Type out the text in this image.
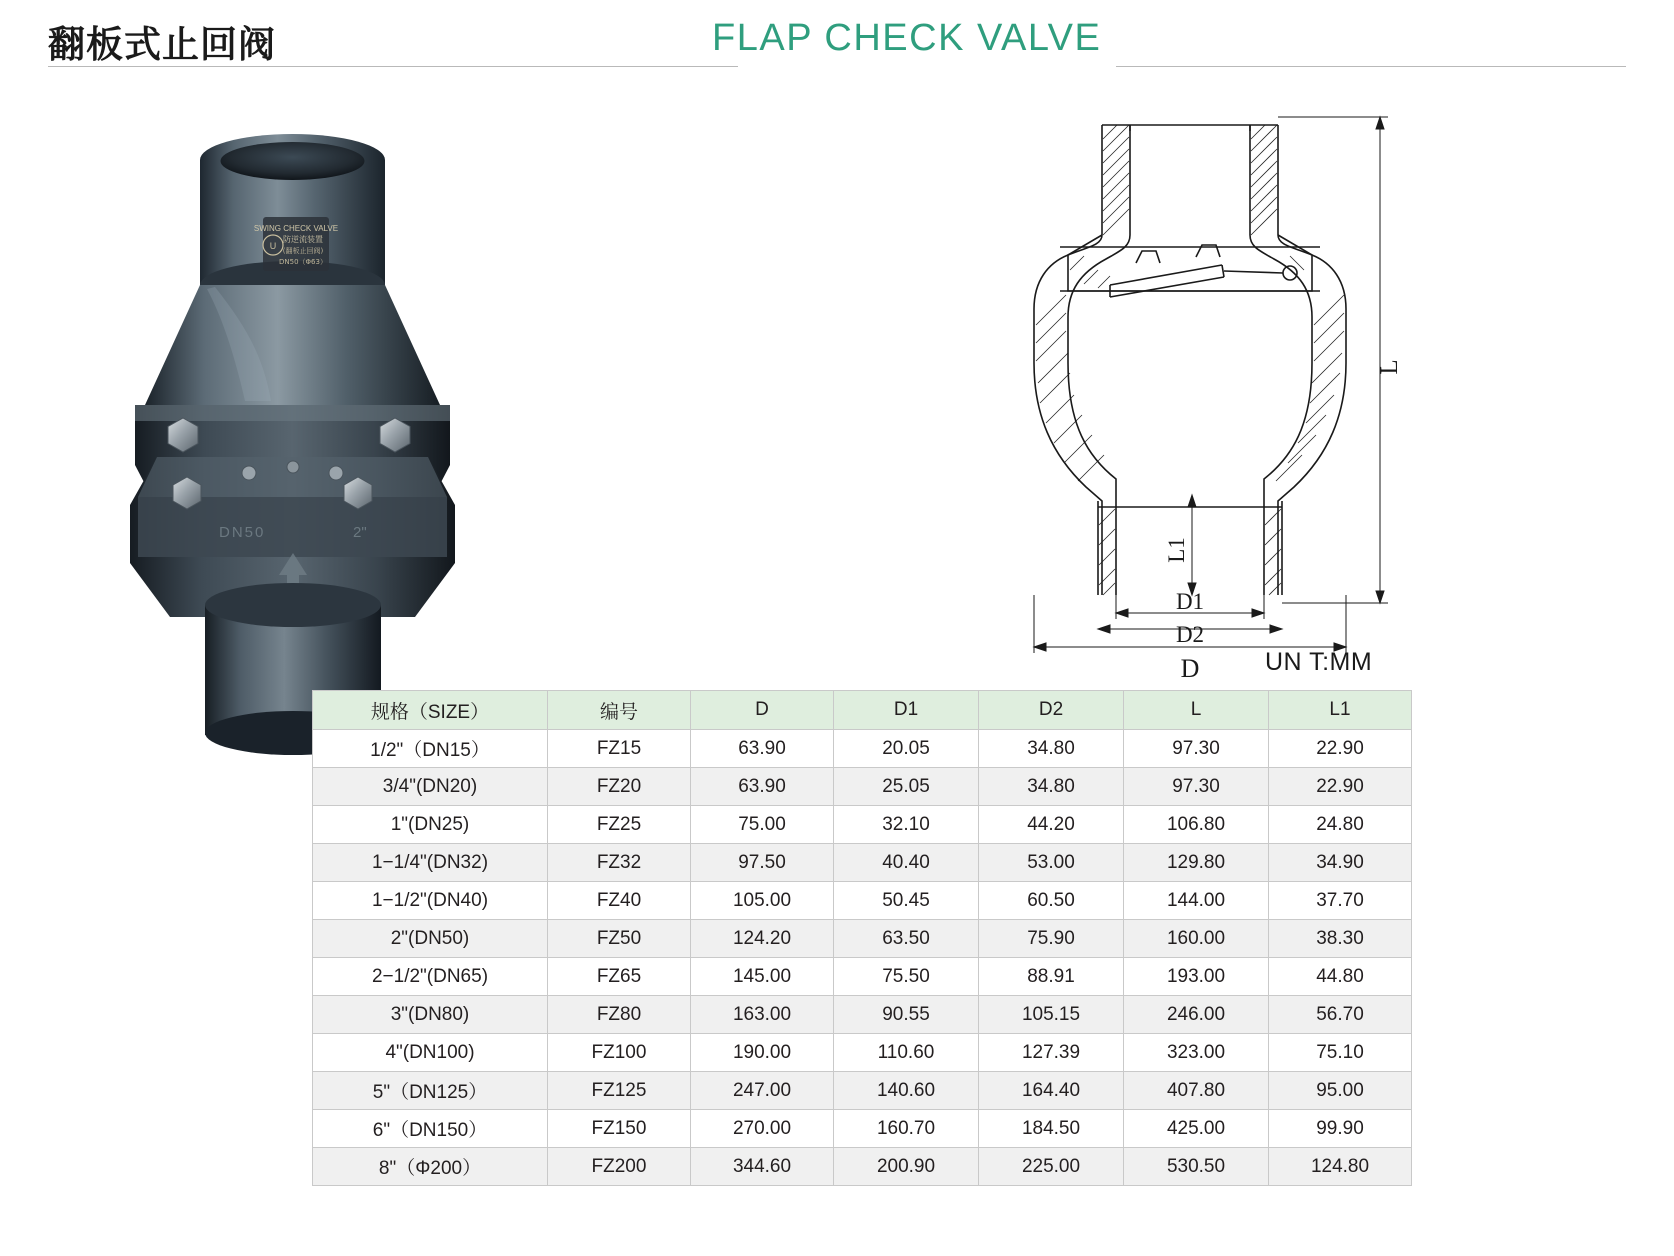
翻板式止回阀	FLAP CHECK VALVE
SWING CHECK VALVE
防逆流装置
(翻板止回阀)
DN50（Φ63）
U
DN50	2"
L
L1
D1
D2
D	UN T:MM
规格（SIZE）	编号	D	D1	D2	L	L1
1/2"（DN15）	FZ15	63.90	20.05	34.80	97.30	22.90
3/4"(DN20)	FZ20	63.90	25.05	34.80	97.30	22.90
1"(DN25)	FZ25	75.00	32.10	44.20	106.80	24.80
1−1/4"(DN32)	FZ32	97.50	40.40	53.00	129.80	34.90
1−1/2"(DN40)	FZ40	105.00	50.45	60.50	144.00	37.70
2"(DN50)	FZ50	124.20	63.50	75.90	160.00	38.30
2−1/2"(DN65)	FZ65	145.00	75.50	88.91	193.00	44.80
3"(DN80)	FZ80	163.00	90.55	105.15	246.00	56.70
4"(DN100)	FZ100	190.00	110.60	127.39	323.00	75.10
5"（DN125）	FZ125	247.00	140.60	164.40	407.80	95.00
6"（DN150）	FZ150	270.00	160.70	184.50	425.00	99.90
8"（Φ200）	FZ200	344.60	200.90	225.00	530.50	124.80
